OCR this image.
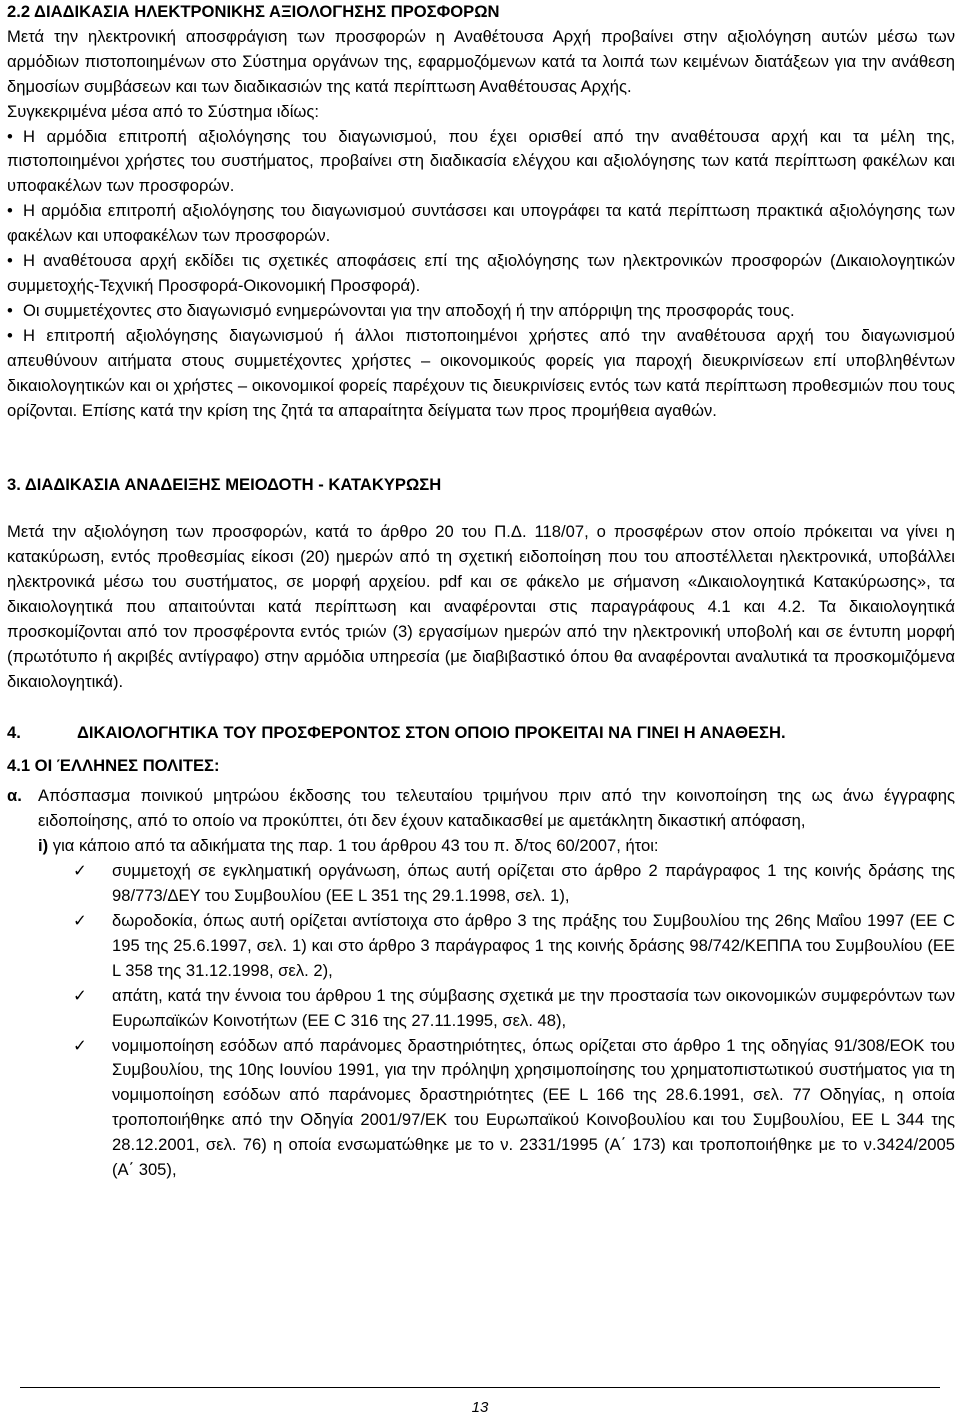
2.2 ΔΙΑΔΙΚΑΣΙΑ ΗΛΕΚΤΡΟΝΙΚΗΣ ΑΞΙΟΛΟΓΗΣΗΣ ΠΡΟΣΦΟΡΩΝ

Μετά την ηλεκτρονική αποσφράγιση των προσφορών η Αναθέτουσα Αρχή προβαίνει στην αξιολόγηση αυτών μέσω των αρμόδιων πιστοποιημένων στο Σύστημα οργάνων της, εφαρμοζόμενων κατά τα λοιπά των κειμένων διατάξεων για την ανάθεση δημοσίων συμβάσεων και των διαδικασιών της κατά περίπτωση Αναθέτουσας Αρχής.

Συγκεκριμένα μέσα από το Σύστημα ιδίως:

• Η αρμόδια επιτροπή αξιολόγησης του διαγωνισμού, που έχει ορισθεί από την αναθέτουσα αρχή και τα μέλη της, πιστοποιημένοι χρήστες του συστήματος, προβαίνει στη διαδικασία ελέγχου και αξιολόγησης των κατά περίπτωση φακέλων και υποφακέλων των προσφορών.

• Η αρμόδια επιτροπή αξιολόγησης του διαγωνισμού συντάσσει και υπογράφει τα κατά περίπτωση πρακτικά αξιολόγησης των φακέλων και υποφακέλων των προσφορών.

• Η αναθέτουσα αρχή εκδίδει τις σχετικές αποφάσεις επί της αξιολόγησης των ηλεκτρονικών προσφορών (Δικαιολογητικών συμμετοχής-Τεχνική Προσφορά-Οικονομική Προσφορά).

• Οι συμμετέχοντες στο διαγωνισμό ενημερώνονται για την αποδοχή ή την απόρριψη της προσφοράς τους.

• Η επιτροπή αξιολόγησης διαγωνισμού ή άλλοι πιστοποιημένοι χρήστες από την αναθέτουσα αρχή του διαγωνισμού απευθύνουν αιτήματα στους συμμετέχοντες χρήστες – οικονομικούς φορείς για παροχή διευκρινίσεων επί υποβληθέντων δικαιολογητικών και οι χρήστες – οικονομικοί φορείς παρέχουν τις διευκρινίσεις εντός των κατά περίπτωση προθεσμιών που τους ορίζονται. Επίσης κατά την κρίση της ζητά τα απαραίτητα δείγματα των προς προμήθεια αγαθών.

3. ΔΙΑΔΙΚΑΣΙΑ ΑΝΑΔΕΙΞΗΣ ΜΕΙΟΔΟΤΗ - ΚΑΤΑΚΥΡΩΣΗ

Μετά την αξιολόγηση των προσφορών, κατά το άρθρο 20 του Π.Δ. 118/07, ο προσφέρων στον οποίο πρόκειται να γίνει η κατακύρωση, εντός προθεσμίας είκοσι (20) ημερών από τη σχετική ειδοποίηση που του αποστέλλεται ηλεκτρονικά, υποβάλλει ηλεκτρονικά μέσω του συστήματος, σε μορφή αρχείου. pdf και σε φάκελο με σήμανση «Δικαιολογητικά Κατακύρωσης», τα δικαιολογητικά που απαιτούνται κατά περίπτωση και αναφέρονται στις παραγράφους 4.1 και 4.2. Τα δικαιολογητικά προσκομίζονται από τον προσφέροντα εντός τριών (3) εργασίμων ημερών από την ηλεκτρονική υποβολή και σε έντυπη μορφή (πρωτότυπο ή ακριβές αντίγραφο) στην αρμόδια υπηρεσία (με διαβιβαστικό όπου θα αναφέρονται αναλυτικά τα προσκομιζόμενα δικαιολογητικά).

4.	ΔΙΚΑΙΟΛΟΓΗΤΙΚΑ ΤΟΥ ΠΡΟΣΦΕΡΟΝΤΟΣ ΣΤΟΝ ΟΠΟΙΟ ΠΡΟΚΕΙΤΑΙ ΝΑ ΓΙΝΕΙ Η ΑΝΑΘΕΣΗ.

4.1 ΟΙ ΈΛΛΗΝΕΣ ΠΟΛΙΤΕΣ:

α. Απόσπασμα ποινικού μητρώου έκδοσης του τελευταίου τριμήνου πριν από την κοινοποίηση της ως άνω έγγραφης ειδοποίησης, από το οποίο να προκύπτει, ότι δεν έχουν καταδικασθεί με αμετάκλητη δικαστική απόφαση,

i) για κάποιο από τα αδικήματα της παρ. 1 του άρθρου 43 του π. δ/τος 60/2007, ήτοι:

✓	συμμετοχή σε εγκληματική οργάνωση, όπως αυτή ορίζεται στο άρθρο 2 παράγραφος 1 της κοινής δράσης της 98/773/ΔΕΥ του Συμβουλίου (ΕΕ L 351 της 29.1.1998, σελ. 1),
✓	δωροδοκία, όπως αυτή ορίζεται αντίστοιχα στο άρθρο 3 της πράξης του Συμβουλίου της 26ης Μαΐου 1997 (ΕΕ C 195 της 25.6.1997, σελ. 1) και στο άρθρο 3 παράγραφος 1 της κοινής δράσης 98/742/ΚΕΠΠΑ του Συμβουλίου (ΕΕ L 358 της 31.12.1998, σελ. 2),
✓	απάτη, κατά την έννοια του άρθρου 1 της σύμβασης σχετικά με την προστασία των οικονομικών συμφερόντων των Ευρωπαϊκών Κοινοτήτων (ΕΕ C 316 της 27.11.1995, σελ. 48),
✓	νομιμοποίηση εσόδων από παράνομες δραστηριότητες, όπως ορίζεται στο άρθρο 1 της οδηγίας 91/308/ΕΟΚ του Συμβουλίου, της 10ης Ιουνίου 1991, για την πρόληψη χρησιμοποίησης του χρηματοπιστωτικού συστήματος για τη νομιμοποίηση εσόδων από παράνομες δραστηριότητες (ΕΕ L 166 της 28.6.1991, σελ. 77 Οδηγίας, η οποία τροποποιήθηκε από την Οδηγία 2001/97/ΕΚ του Ευρωπαϊκού Κοινοβουλίου και του Συμβουλίου, ΕΕ L 344 της 28.12.2001, σελ. 76) η οποία ενσωματώθηκε με το ν. 2331/1995 (Α΄ 173) και τροποποιήθηκε με το ν.3424/2005 (Α΄ 305),
13
